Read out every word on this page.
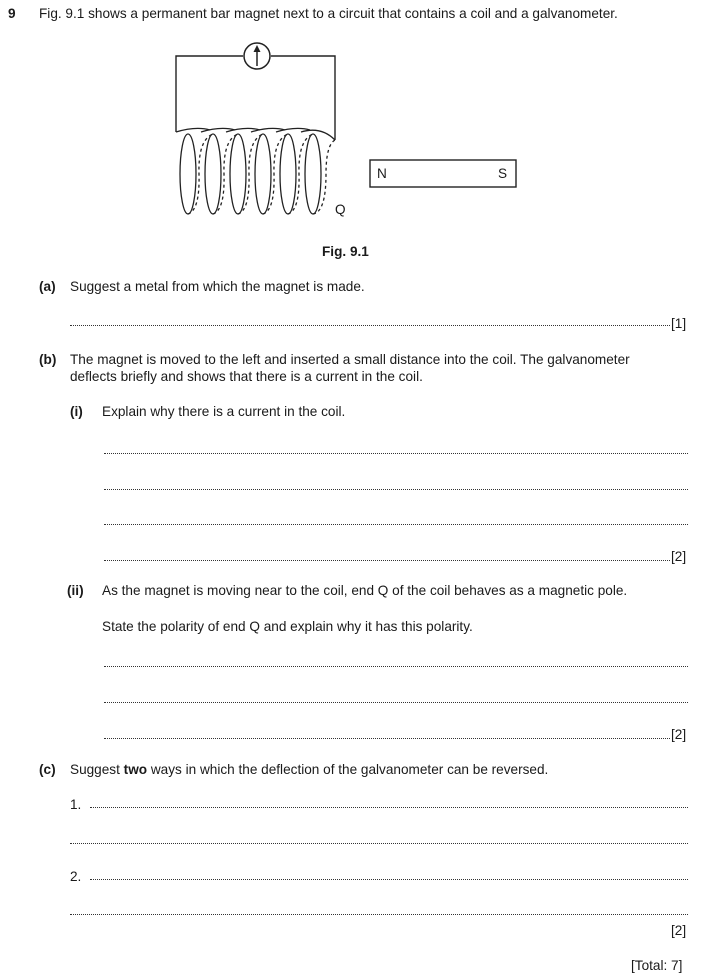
9 Fig. 9.1 shows a permanent bar magnet next to a circuit that contains a coil and a galvanometer.
Q
N	S
Fig. 9.1
(a) Suggest a metal from which the magnet is made.
[1]
(b) The magnet is moved to the left and inserted a small distance into the coil. The galvanometer
deflects briefly and shows that there is a current in the coil.
(i) Explain why there is a current in the coil.
[2]
(ii) As the magnet is moving near to the coil, end Q of the coil behaves as a magnetic pole.
State the polarity of end Q and explain why it has this polarity.
[2]
(c) Suggest two ways in which the deflection of the galvanometer can be reversed.
1.
2.
[2]
[Total: 7]
